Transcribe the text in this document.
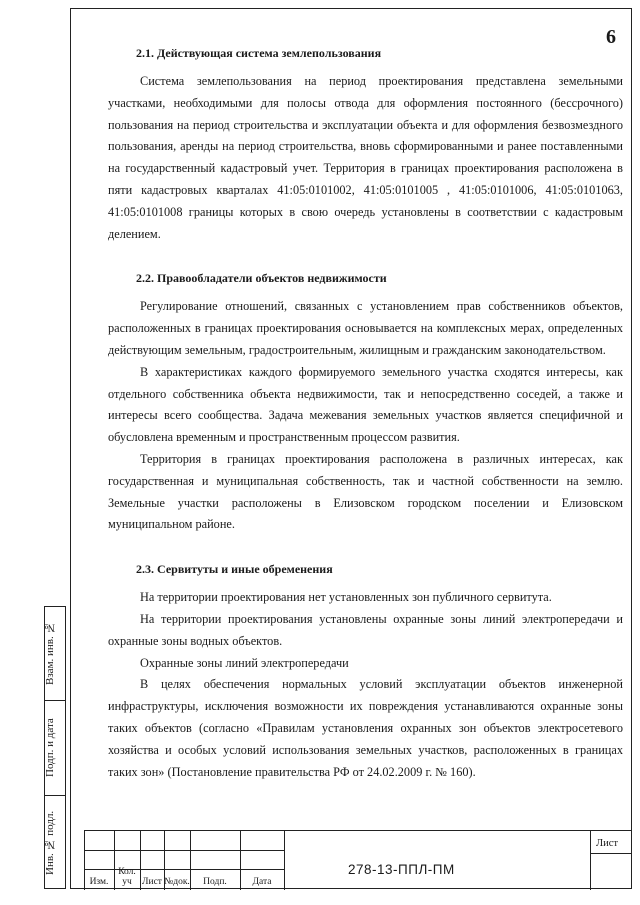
6
2.1. Действующая система землепользования

Система землепользования на период проектирования представлена земельными участками, необходимыми для полосы отвода для оформления постоянного (бессрочного) пользования на период строительства и эксплуатации объекта и для оформления безвозмездного пользования, аренды на период строительства, вновь сформированными и ранее поставленными на государственный кадастровый учет. Территория в границах проектирования расположена в пяти кадастровых кварталах 41:05:0101002, 41:05:0101005 , 41:05:0101006, 41:05:0101063, 41:05:0101008 границы которых в свою очередь установлены в соответствии с кадастровым делением.

2.2. Правообладатели объектов недвижимости

Регулирование отношений, связанных с установлением прав собственников объектов, расположенных в границах проектирования основывается на комплексных мерах, определенных действующим земельным, градостроительным, жилищным и гражданским законодательством.

В характеристиках каждого формируемого земельного участка сходятся интересы, как отдельного собственника объекта недвижимости, так и непосредственно соседей, а также и интересы всего сообщества. Задача межевания земельных участков является специфичной и обусловлена временным и пространственным процессом развития.

Территория в границах проектирования расположена в различных интересах, как государственная и муниципальная собственность, так и частной собственности на землю. Земельные участки расположены в Елизовском городском поселении и Елизовском муниципальном районе.

2.3. Сервитуты и иные обременения

На территории проектирования нет установленных зон публичного сервитута.

На территории проектирования установлены охранные зоны линий электропередачи и охранные зоны водных объектов.

Охранные зоны линий электропередачи

В целях обеспечения нормальных условий эксплуатации объектов инженерной инфраструктуры, исключения возможности их повреждения устанавливаются охранные зоны таких объектов (согласно «Правилам установления охранных зон объектов электросетевого хозяйства и особых условий использования земельных участков, расположенных в границах таких зон» (Постановление правительства РФ от 24.02.2009 г. № 160).

Взам. инв. №
Подп. и дата
Инв. № подл.
Изм.
Кол. уч	Лист №док.	Подп.	Дата
278-13-ППЛ-ПМ
Лист
